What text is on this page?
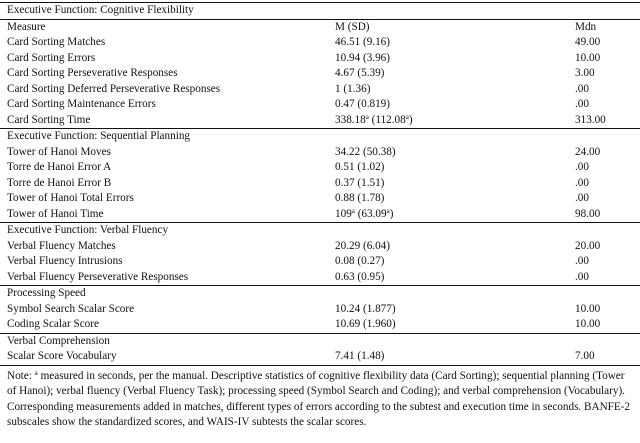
Executive Function: Cognitive Flexibility		
Measure	M (SD)	Mdn
Card Sorting Matches	46.51 (9.16)	49.00
Card Sorting Errors	10.94 (3.96)	10.00
Card Sorting Perseverative Responses	4.67 (5.39)	3.00
Card Sorting Deferred Perseverative Responses	1 (1.36)	.00
Card Sorting Maintenance Errors	0.47 (0.819)	.00
Card Sorting Time	338.18$^a$ (112.08$^a$)	313.00
Executive Function: Sequential Planning		
Tower of Hanoi Moves	34.22 (50.38)	24.00
Torre de Hanoi Error A	0.51 (1.02)	.00
Torre de Hanoi Error B	0.37 (1.51)	.00
Tower of Hanoi Total Errors	0.88 (1.78)	.00
Tower of Hanoi Time	109$^a$ (63.09$^a$)	98.00
Executive Function: Verbal Fluency		
Verbal Fluency Matches	20.29 (6.04)	20.00
Verbal Fluency Intrusions	0.08 (0.27)	.00
Verbal Fluency Perseverative Responses	0.63 (0.95)	.00
Processing Speed		
Symbol Search Scalar Score	10.24 (1.877)	10.00
Coding Scalar Score	10.69 (1.960)	10.00
Verbal Comprehension		
Scalar Score Vocabulary	7.41 (1.48)	7.00
Note: $^a$ measured in seconds, per the manual. Descriptive statistics of cognitive flexibility data (Card Sorting); sequential planning (Tower of Hanoi); verbal fluency (Verbal Fluency Task); processing speed (Symbol Search and Coding); and verbal comprehension (Vocabulary). Corresponding measurements added in matches, different types of errors according to the subtest and execution time in seconds. BANFE-2 subscales show the standardized scores, and WAIS-IV subtests the scalar scores.
